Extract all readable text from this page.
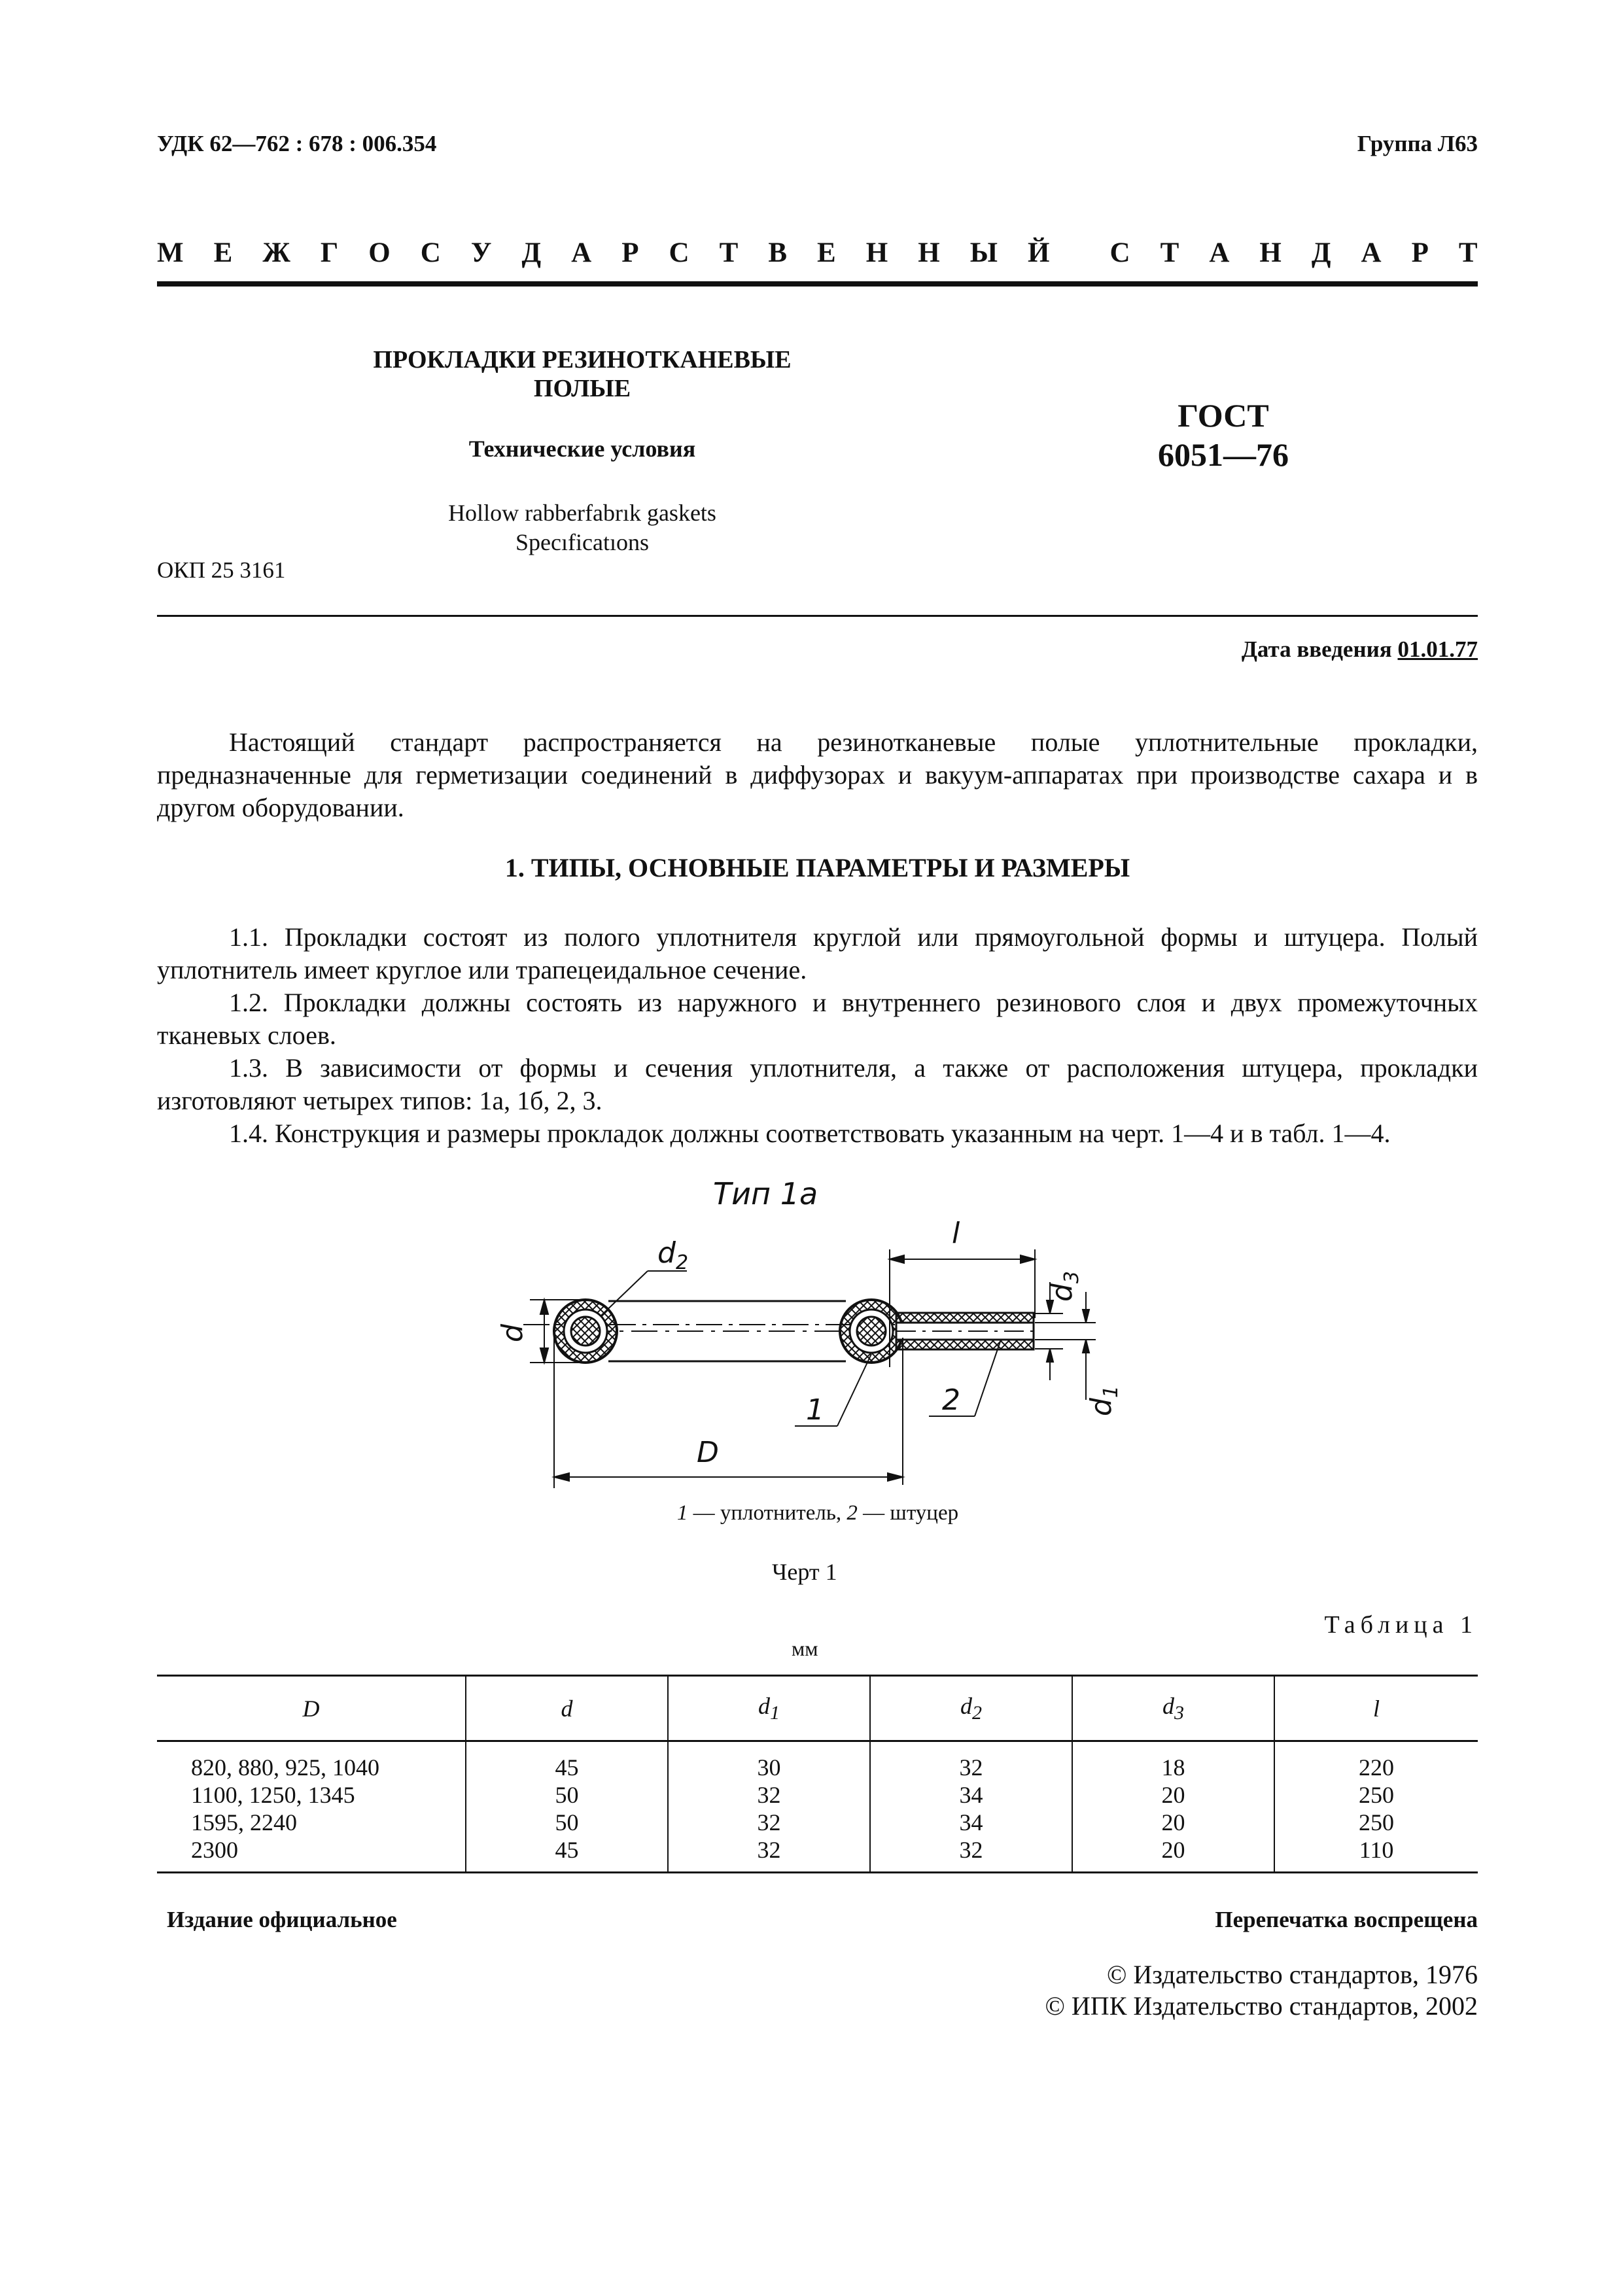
УДК 62—762 : 678 : 006.354	Группа Л63
М Е Ж Г О С У Д А Р С Т В Е Н Н Ы Й С Т А Н Д А Р Т
ПРОКЛАДКИ РЕЗИНОТКАНЕВЫЕ
ПОЛЫЕ
Технические условия
ГОСТ
6051—76
Hollow rabberfabrık gaskets
Specıficatıons
ОКП 25 3161
Дата введения 01.01.77

Настоящий стандарт распространяется на резинотканевые полые уплотнительные прокладки, предназначенные для герметизации соединений в диффузорах и вакуум-аппаратах при производстве сахара и в другом оборудовании.

1. ТИПЫ, ОСНОВНЫЕ ПАРАМЕТРЫ И РАЗМЕРЫ

1.1. Прокладки состоят из полого уплотнителя круглой или прямоугольной формы и штуцера. Полый уплотнитель имеет круглое или трапецеидальное сечение.

1.2. Прокладки должны состоять из наружного и внутреннего резинового слоя и двух промежуточных тканевых слоев.

1.3. В зависимости от формы и сечения уплотнителя, а также от расположения штуцера, прокладки изготовляют четырех типов: 1а, 1б, 2, 3.

1.4. Конструкция и размеры прокладок должны соответствовать указанным на черт. 1—4 и в табл. 1—4.

Тип 1а
l
$d_2$
$d_3$
d
$d_1$
D
1	2
1 — уплотнитель, 2 — штуцер
Черт 1
Таблица 1
мм
D	d	$d_1$	$d_2$	$d_3$	l
820, 880, 925, 1040	45	30	32	18	220
1100, 1250, 1345	50	32	34	20	250
1595, 2240	50	32	34	20	250
2300	45	32	32	20	110
Издание официальное	Перепечатка воспрещена
© Издательство стандартов, 1976
© ИПК Издательство стандартов, 2002
